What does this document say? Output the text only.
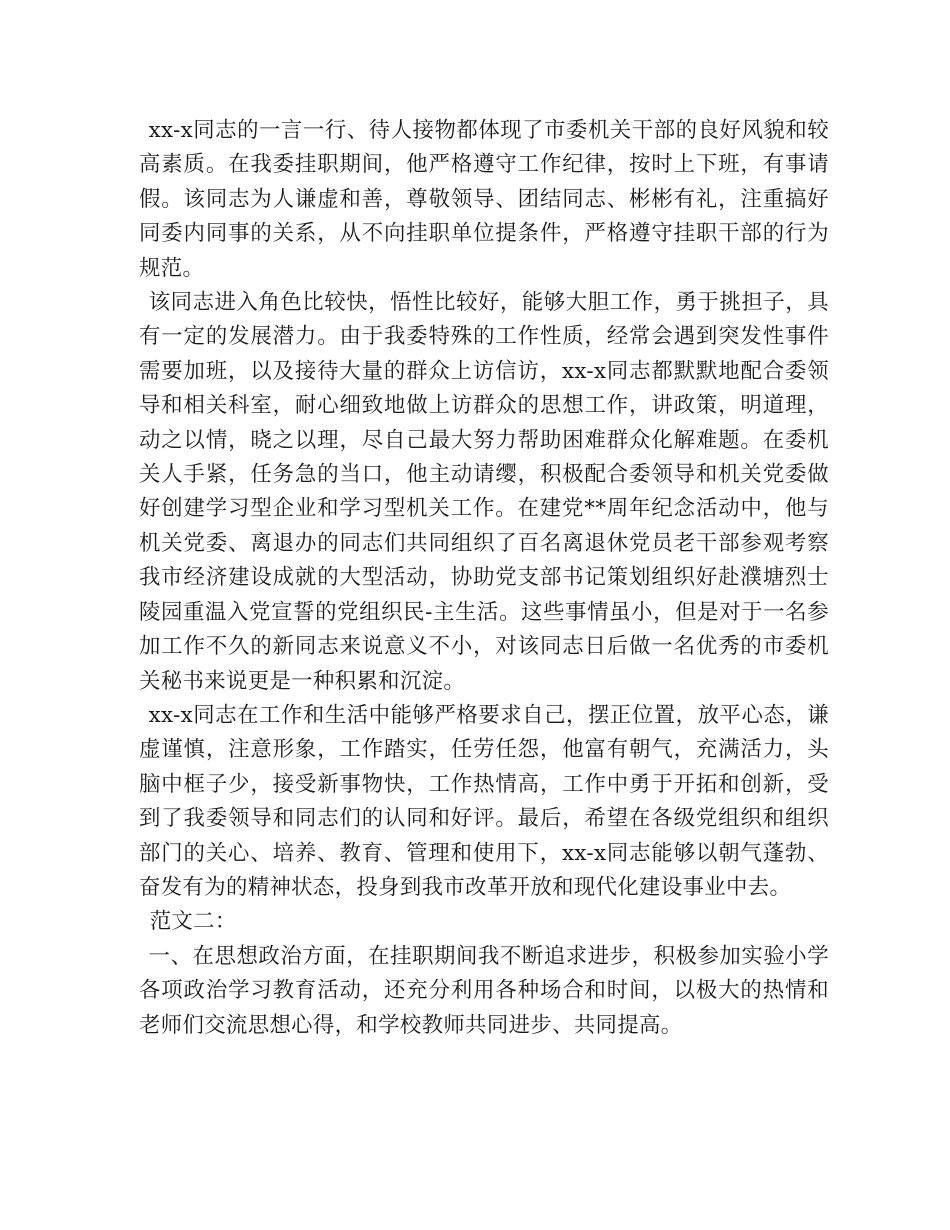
xx-x同志的一言一行、待人接物都体现了市委机关干部的良好风貌和较高素质。在我委挂职期间，他严格遵守工作纪律，按时上下班，有事请假。该同志为人谦虚和善，尊敬领导、团结同志、彬彬有礼，注重搞好同委内同事的关系，从不向挂职单位提条件，严格遵守挂职干部的行为规范。

该同志进入角色比较快，悟性比较好，能够大胆工作，勇于挑担子，具有一定的发展潜力。由于我委特殊的工作性质，经常会遇到突发性事件需要加班，以及接待大量的群众上访信访，xx-x同志都默默地配合委领导和相关科室，耐心细致地做上访群众的思想工作，讲政策，明道理，动之以情，晓之以理，尽自己最大努力帮助困难群众化解难题。在委机关人手紧，任务急的当口，他主动请缨，积极配合委领导和机关党委做好创建学习型企业和学习型机关工作。在建党**周年纪念活动中，他与机关党委、离退办的同志们共同组织了百名离退休党员老干部参观考察我市经济建设成就的大型活动，协助党支部书记策划组织好赴濮塘烈士陵园重温入党宣誓的党组织民-主生活。这些事情虽小，但是对于一名参加工作不久的新同志来说意义不小，对该同志日后做一名优秀的市委机关秘书来说更是一种积累和沉淀。

xx-x同志在工作和生活中能够严格要求自己，摆正位置，放平心态，谦虚谨慎，注意形象，工作踏实，任劳任怨，他富有朝气，充满活力，头脑中框子少，接受新事物快，工作热情高，工作中勇于开拓和创新，受到了我委领导和同志们的认同和好评。最后，希望在各级党组织和组织部门的关心、培养、教育、管理和使用下，xx-x同志能够以朝气蓬勃、奋发有为的精神状态，投身到我市改革开放和现代化建设事业中去。

范文二：

一、在思想政治方面，在挂职期间我不断追求进步，积极参加实验小学各项政治学习教育活动，还充分利用各种场合和时间，以极大的热情和老师们交流思想心得，和学校教师共同进步、共同提高。
